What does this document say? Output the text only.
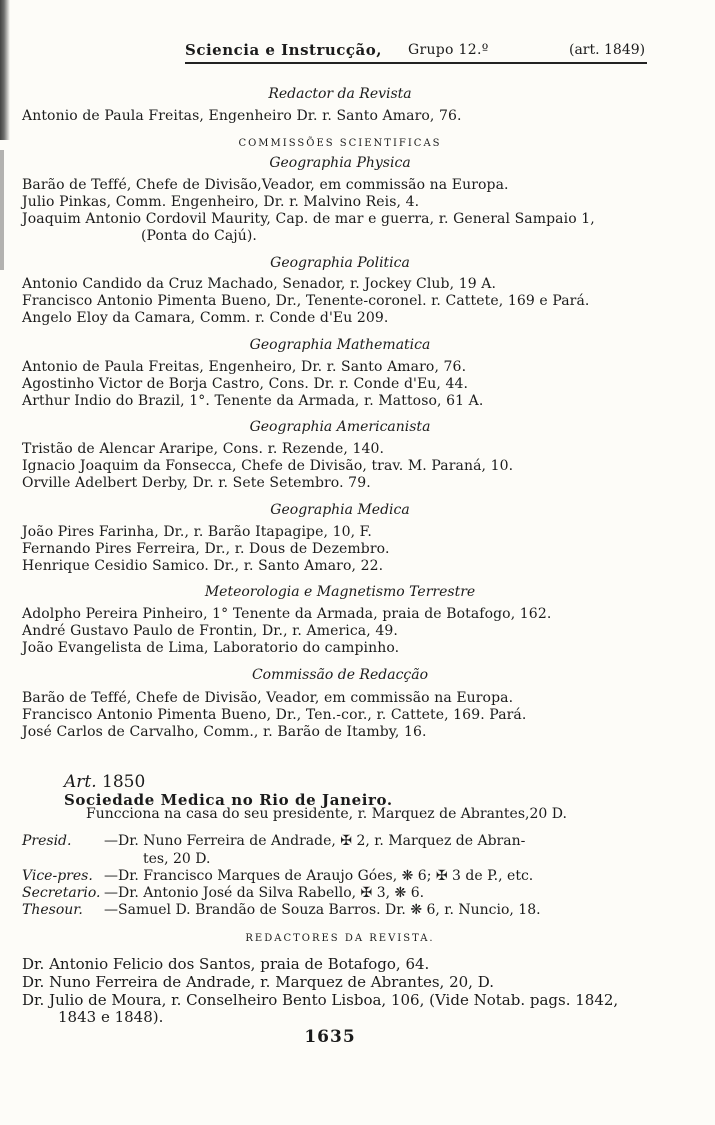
Sciencia e Instrucção, Grupo 12.º	(art. 1849)
Redactor da Revista
Antonio de Paula Freitas, Engenheiro Dr. r. Santo Amaro, 76.
COMMISSÕES SCIENTIFICAS
Geographia Physica
Barão de Teffé, Chefe de Divisão,Veador, em commissão na Europa.
Julio Pinkas, Comm. Engenheiro, Dr. r. Malvino Reis, 4.
Joaquim Antonio Cordovil Maurity, Cap. de mar e guerra, r. General Sampaio 1,
(Ponta do Cajú).
Geographia Politica
Antonio Candido da Cruz Machado, Senador, r. Jockey Club, 19 A.
Francisco Antonio Pimenta Bueno, Dr., Tenente-coronel. r. Cattete, 169 e Pará.
Angelo Eloy da Camara, Comm. r. Conde d'Eu 209.
Geographia Mathematica
Antonio de Paula Freitas, Engenheiro, Dr. r. Santo Amaro, 76.
Agostinho Victor de Borja Castro, Cons. Dr. r. Conde d'Eu, 44.
Arthur Indio do Brazil, 1°. Tenente da Armada, r. Mattoso, 61 A.
Geographia Americanista
Tristão de Alencar Araripe, Cons. r. Rezende, 140.
Ignacio Joaquim da Fonsecca, Chefe de Divisão, trav. M. Paraná, 10.
Orville Adelbert Derby, Dr. r. Sete Setembro. 79.
Geographia Medica
João Pires Farinha, Dr., r. Barão Itapagipe, 10, F.
Fernando Pires Ferreira, Dr., r. Dous de Dezembro.
Henrique Cesidio Samico. Dr., r. Santo Amaro, 22.
Meteorologia e Magnetismo Terrestre
Adolpho Pereira Pinheiro, 1° Tenente da Armada, praia de Botafogo, 162.
André Gustavo Paulo de Frontin, Dr., r. America, 49.
João Evangelista de Lima, Laboratorio do campinho.
Commissão de Redacção
Barão de Teffé, Chefe de Divisão, Veador, em commissão na Europa.
Francisco Antonio Pimenta Bueno, Dr., Ten.-cor., r. Cattete, 169. Pará.
José Carlos de Carvalho, Comm., r. Barão de Itamby, 16.
Art. 1850
Sociedade Medica no Rio de Janeiro.
Funcciona na casa do seu presidente, r. Marquez de Abrantes,20 D.
Presid. —Dr. Nuno Ferreira de Andrade, ✠ 2, r. Marquez de Abran-
tes, 20 D.
Vice-pres. —Dr. Francisco Marques de Araujo Góes, ❋ 6; ✠ 3 de P., etc.
Secretario. —Dr. Antonio José da Silva Rabello, ✠ 3, ❋ 6.
Thesour. —Samuel D. Brandão de Souza Barros. Dr. ❋ 6, r. Nuncio, 18.
REDACTORES DA REVISTA.
Dr. Antonio Felicio dos Santos, praia de Botafogo, 64.
Dr. Nuno Ferreira de Andrade, r. Marquez de Abrantes, 20, D.
Dr. Julio de Moura, r. Conselheiro Bento Lisboa, 106, (Vide Notab. pags. 1842,
1843 e 1848).
1635
